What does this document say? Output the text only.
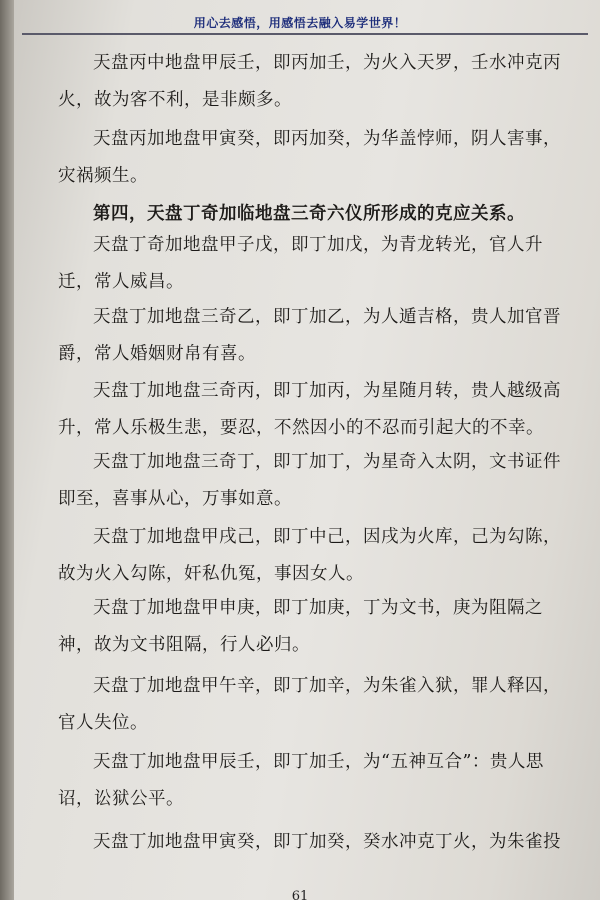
用心去感悟，用感悟去融入易学世界！

天盘丙中地盘甲辰壬，即丙加壬，为火入天罗，壬水冲克丙火，故为客不利，是非颇多。

天盘丙加地盘甲寅癸，即丙加癸，为华盖悖师，阴人害事，灾祸频生。

第四，天盘丁奇加临地盘三奇六仪所形成的克应关系。

天盘丁奇加地盘甲子戊，即丁加戊，为青龙转光，官人升迁，常人威昌。

天盘丁加地盘三奇乙，即丁加乙，为人遁吉格，贵人加官晋爵，常人婚姻财帛有喜。

天盘丁加地盘三奇丙，即丁加丙，为星随月转，贵人越级高升，常人乐极生悲，要忍，不然因小的不忍而引起大的不幸。

天盘丁加地盘三奇丁，即丁加丁，为星奇入太阴，文书证件即至，喜事从心，万事如意。

天盘丁加地盘甲戌己，即丁中己，因戌为火库，己为勾陈，故为火入勾陈，奸私仇冤，事因女人。

天盘丁加地盘甲申庚，即丁加庚，丁为文书，庚为阻隔之神，故为文书阻隔，行人必归。

天盘丁加地盘甲午辛，即丁加辛，为朱雀入狱，罪人释囚，官人失位。

天盘丁加地盘甲辰壬，即丁加壬，为“五神互合”：贵人思诏，讼狱公平。

天盘丁加地盘甲寅癸，即丁加癸，癸水冲克丁火，为朱雀投

61
